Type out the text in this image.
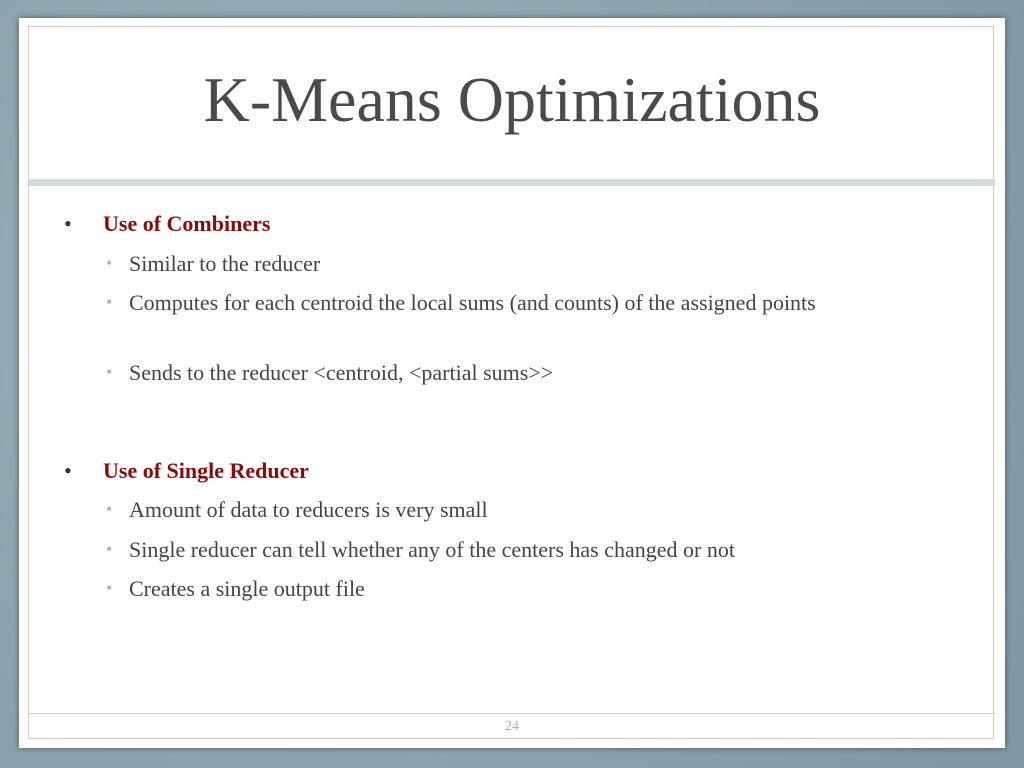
K-Means Optimizations
• Use of Combiners
• Similar to the reducer
• Computes for each centroid the local sums (and counts) of the assigned points
• Sends to the reducer <centroid, <partial sums>>
• Use of Single Reducer
• Amount of data to reducers is very small
• Single reducer can tell whether any of the centers has changed or not
• Creates a single output file
24
